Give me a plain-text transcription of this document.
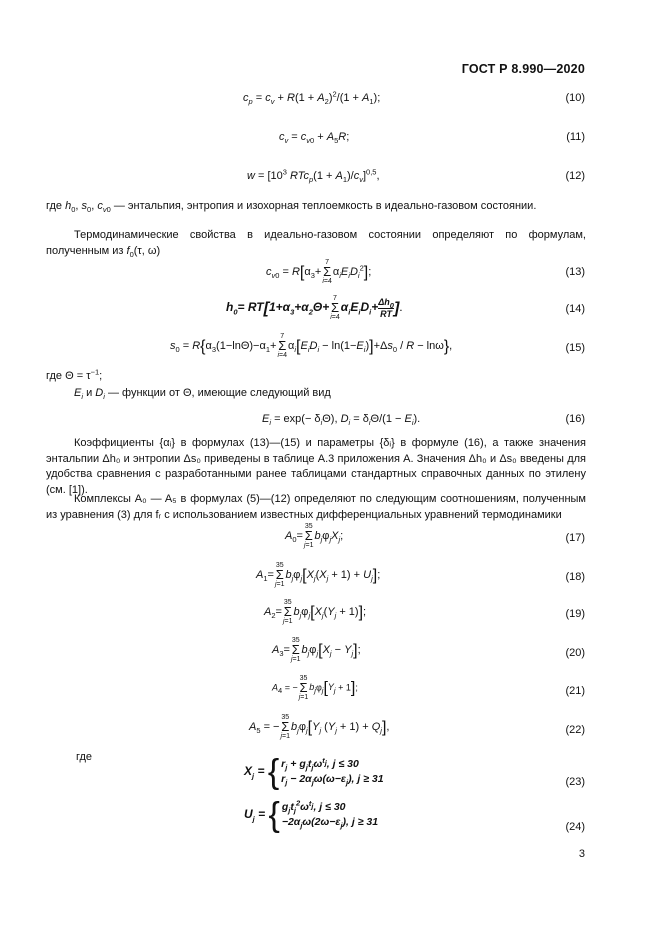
ГОСТ Р 8.990—2020
$c_p = c_v + R(1 + A_2)^2/(1 + A_1)$;	(10)
$c_v = c_{v0} + A_5R$;	(11)
$w = [10^3$ $RTc_p(1 + A_1)/c_v]^{0,5}$,	(12)
где $h_0$, $s_0$, $c_{v0}$ — энтальпия, энтропия и изохорная теплоемкость в идеально-газовом состоянии.
Термодинамические свойства в идеально-газовом состоянии определяют по формулам, полученным из $f_0(\tau$, ω)
$c_{v0} = R[\alpha_3+7$
Σ
$i=4\alpha_iE_iD_i^2$];	(13)
$h_0= RT[1+\alpha_3+\alpha_2\Theta+7$
Σ
$i=4\alpha_iE_iD_i+ \frac{\Delta h_0}{RT}$ ].	(14)
$s_0 = R\{\alpha_3(1-\ln\Theta)-\alpha_1+7$
Σ
$i=4\alpha_i[E_iD_i - \ln(1-E_i)]+\Delta s_0 / R - \ln\omega$},	(15)
где $\Theta = \tau^{-1}$;
$E_i$ и $D_i$ — функции от Θ, имеющие следующий вид
$E_i = \exp(- \delta_i\Theta)$, $D_i = \delta_i\Theta/(1 - E_i)$.	(16)
Коэффициенты {αᵢ} в формулах (13)—(15) и параметры {δᵢ} в формуле (16), а также значения энтальпии Δh₀ и энтропии Δs₀ приведены в таблице А.3 приложения А. Значения Δh₀ и Δs₀ введены для удобства сравнения с разработанными ранее таблицами стандартных справочных данных по этилену (см. [1]).
Комплексы A₀ — A₅ в формулах (5)—(12) определяют по следующим соотношениям, полученным из уравнения (3) для fᵣ с использованием известных дифференциальных уравнений термодинамики
$A_0=35$
Σ
$j=1b_j\varphi_jX_j$;	(17)
$A_1=35$
Σ
$j=1b_j\varphi_j[X_j(X_j + 1) + U_j]$;	(18)
$A_2=35$
Σ
$j=1b_j\varphi_j[X_j(Y_j + 1)]$;	(19)
$A_3=35$
Σ
$j=1b_j\varphi_j[X_j - Y_j]$;	(20)
$A_4 = -35$
Σ
$j=1b_j\varphi_j[Y_j + 1]$;	(21)
$A_5 = -35$
Σ
$j=1b_j\varphi_j[Y_j$ $(Y_j + 1) + Q_j$],	(22)
где
$X_j$ = { $r_j + g_jt_j\omega^{t_j}$, j ≤ 30
$r_j - 2\alpha_j\omega(\omega-\varepsilon_j)$, j ≥ 31	(23)
$U_j$ = { $g_jt_j^2\omega^{t_j}$, j ≤ 30
$-2\alpha_j\omega(2\omega-\varepsilon_j)$, j ≥ 31	(24)
3
